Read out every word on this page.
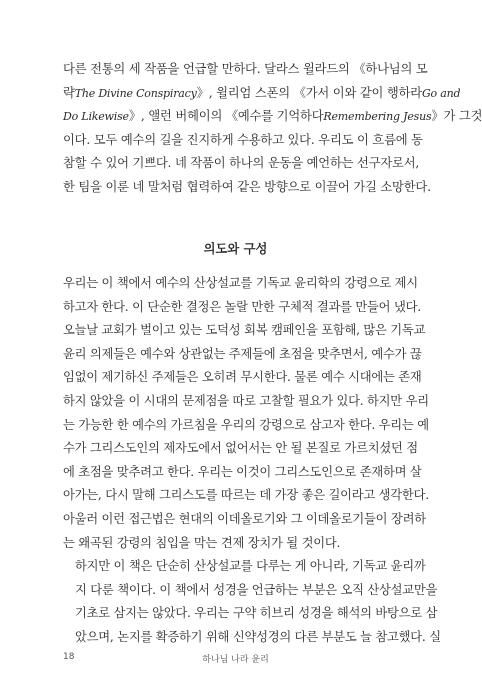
다른 전통의 세 작품을 언급할 만하다. 달라스 윌라드의 《하나님의 모
략The Divine Conspiracy》, 윌리엄 스폰의 《가서 이와 같이 행하라Go and
Do Likewise》, 앨런 버헤이의 《예수를 기억하다Remembering Jesus》가 그것
이다. 모두 예수의 길을 진지하게 수용하고 있다. 우리도 이 흐름에 동
참할 수 있어 기쁘다. 네 작품이 하나의 운동을 예언하는 선구자로서,
한 팀을 이룬 네 말처럼 협력하여 같은 방향으로 이끌어 가길 소망한다.
의도와 구성
우리는 이 책에서 예수의 산상설교를 기독교 윤리학의 강령으로 제시
하고자 한다. 이 단순한 결정은 놀랄 만한 구체적 결과를 만들어 냈다.
오늘날 교회가 벌이고 있는 도덕성 회복 캠페인을 포함해, 많은 기독교
윤리 의제들은 예수와 상관없는 주제들에 초점을 맞추면서, 예수가 끊
임없이 제기하신 주제들은 오히려 무시한다. 물론 예수 시대에는 존재
하지 않았을 이 시대의 문제점을 따로 고찰할 필요가 있다. 하지만 우리
는 가능한 한 예수의 가르침을 우리의 강령으로 삼고자 한다. 우리는 예
수가 그리스도인의 제자도에서 없어서는 안 될 본질로 가르치셨던 점
에 초점을 맞추려고 한다. 우리는 이것이 그리스도인으로 존재하며 살
아가는, 다시 말해 그리스도를 따르는 데 가장 좋은 길이라고 생각한다.
아울러 이런 접근법은 현대의 이데올로기와 그 이데올로기들이 장려하
는 왜곡된 강령의 침입을 막는 견제 장치가 될 것이다.
하지만 이 책은 단순히 산상설교를 다루는 게 아니라, 기독교 윤리까
지 다룬 책이다. 이 책에서 성경을 언급하는 부분은 오직 산상설교만을
기초로 삼지는 않았다. 우리는 구약 히브리 성경을 해석의 바탕으로 삼
았으며, 논지를 확증하기 위해 신약성경의 다른 부분도 늘 참고했다. 실
18	하나님 나라 윤리
